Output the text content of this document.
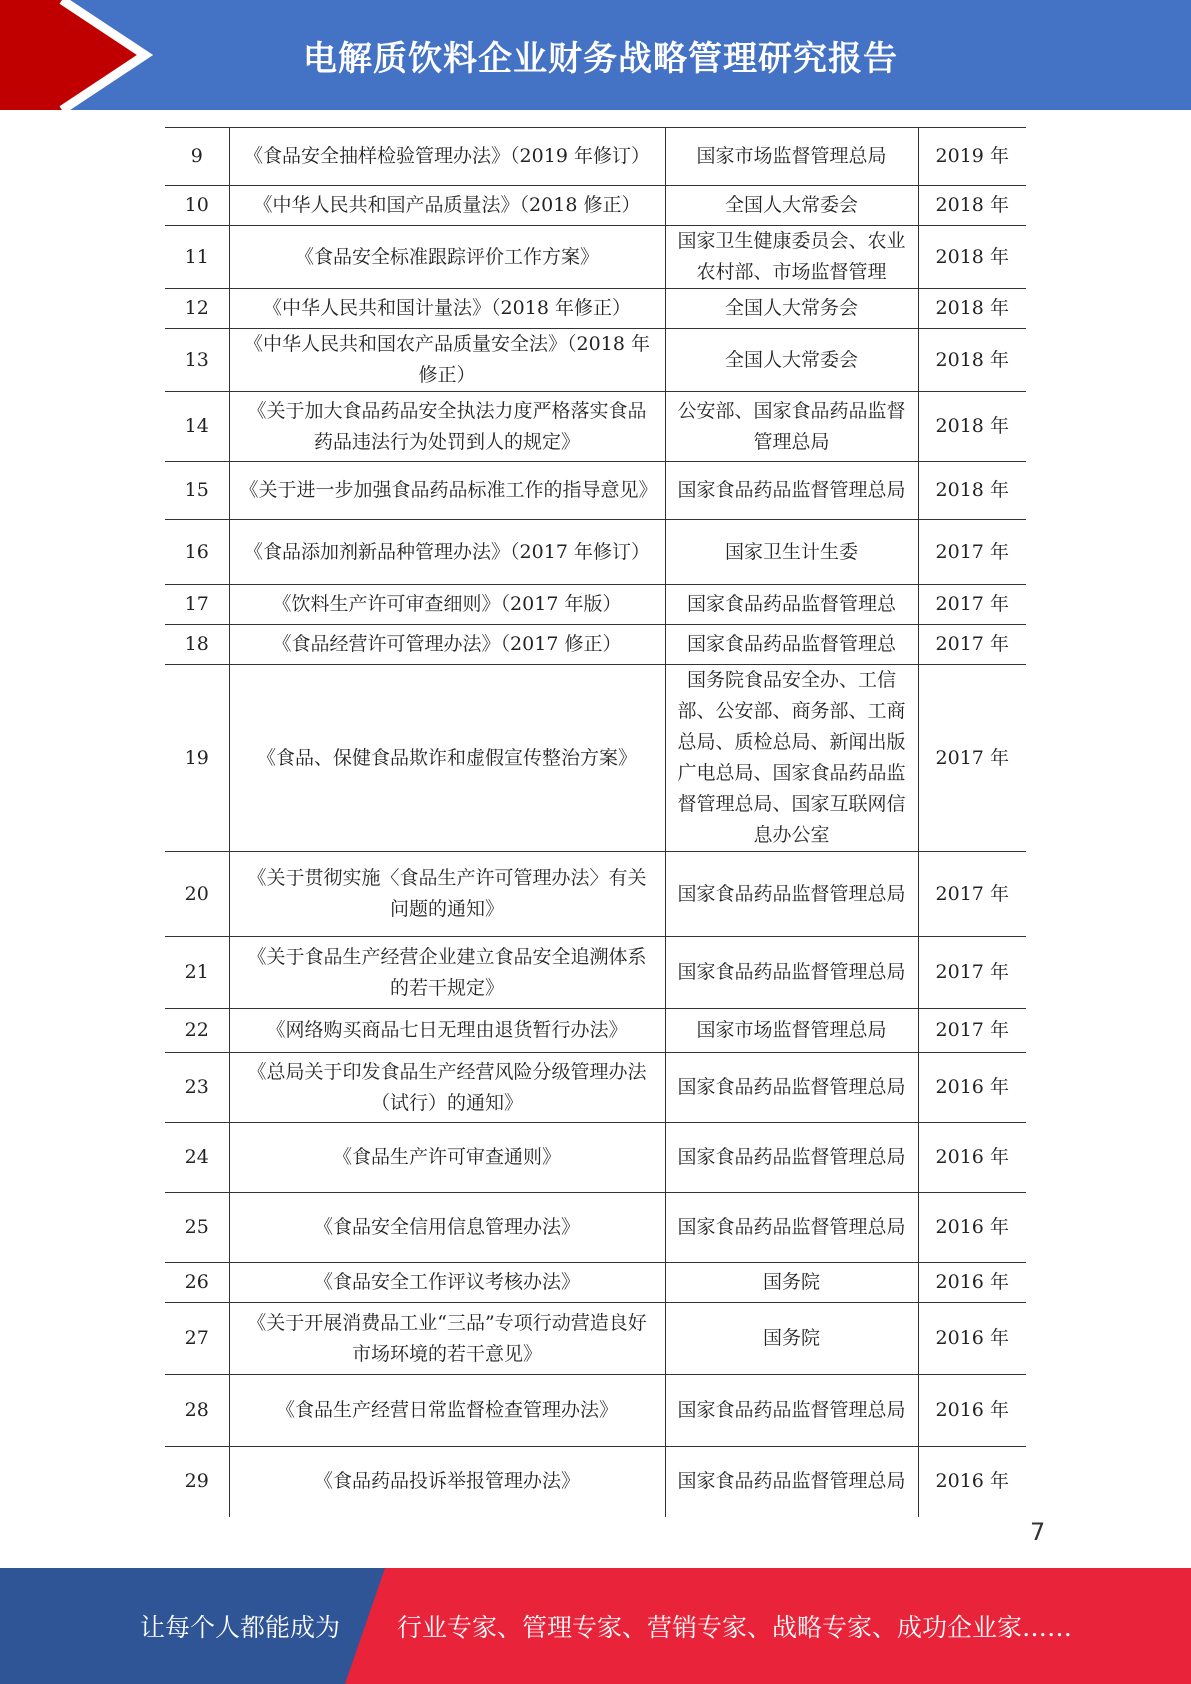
电解质饮料企业财务战略管理研究报告
9	《食品安全抽样检验管理办法》（2019 年修订）	国家市场监督管理总局	2019 年
10	《中华人民共和国产品质量法》（2018 修正）	全国人大常委会	2018 年
11	《食品安全标准跟踪评价工作方案》	国家卫生健康委员会、农业农村部、市场监督管理	2018 年
12	《中华人民共和国计量法》（2018 年修正）	全国人大常务会	2018 年
13	《中华人民共和国农产品质量安全法》（2018 年修正）	全国人大常委会	2018 年
14	《关于加大食品药品安全执法力度严格落实食品药品违法行为处罚到人的规定》	公安部、国家食品药品监督管理总局	2018 年
15	《关于进一步加强食品药品标准工作的指导意见》	国家食品药品监督管理总局	2018 年
16	《食品添加剂新品种管理办法》（2017 年修订）	国家卫生计生委	2017 年
17	《饮料生产许可审查细则》（2017 年版）	国家食品药品监督管理总	2017 年
18	《食品经营许可管理办法》（2017 修正）	国家食品药品监督管理总	2017 年
19	《食品、保健食品欺诈和虚假宣传整治方案》	国务院食品安全办、工信部、公安部、商务部、工商总局、质检总局、新闻出版广电总局、国家食品药品监督管理总局、国家互联网信息办公室	2017 年
20	《关于贯彻实施〈食品生产许可管理办法〉有关问题的通知》	国家食品药品监督管理总局	2017 年
21	《关于食品生产经营企业建立食品安全追溯体系的若干规定》	国家食品药品监督管理总局	2017 年
22	《网络购买商品七日无理由退货暂行办法》	国家市场监督管理总局	2017 年
23	《总局关于印发食品生产经营风险分级管理办法（试行）的通知》	国家食品药品监督管理总局	2016 年
24	《食品生产许可审查通则》	国家食品药品监督管理总局	2016 年
25	《食品安全信用信息管理办法》	国家食品药品监督管理总局	2016 年
26	《食品安全工作评议考核办法》	国务院	2016 年
27	《关于开展消费品工业“三品”专项行动营造良好市场环境的若干意见》	国务院	2016 年
28	《食品生产经营日常监督检查管理办法》	国家食品药品监督管理总局	2016 年
29	《食品药品投诉举报管理办法》	国家食品药品监督管理总局	2016 年
7
让每个人都能成为 行业专家、管理专家、营销专家、战略专家、成功企业家……
